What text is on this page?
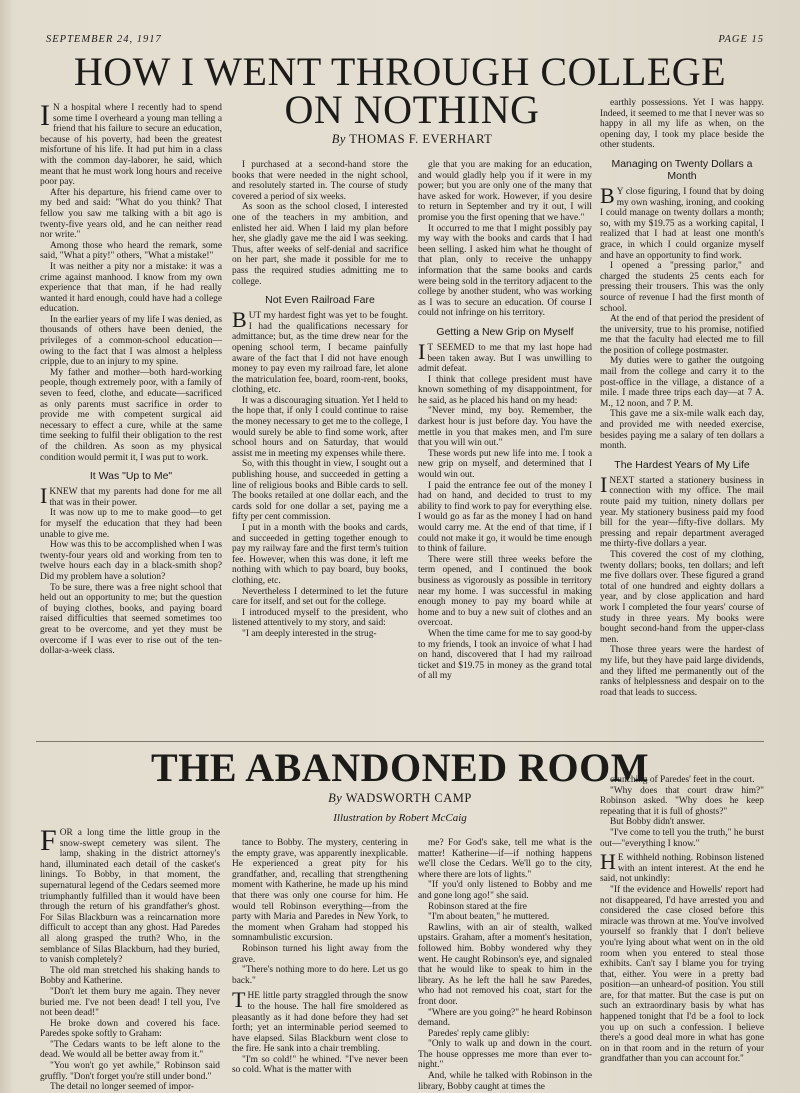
SEPTEMBER 24, 1917	PAGE 15
HOW I WENT THROUGH COLLEGE
ON NOTHING
By THOMAS F. EVERHART

I N a hospital where I recently had to spend some time I overheard a young man telling a friend that his failure to secure an education, because of his poverty, had been the greatest misfortune of his life. It had put him in a class with the common day-laborer, he said, which meant that he must work long hours and receive poor pay.

After his departure, his friend came over to my bed and said: "What do you think? That fellow you saw me talking with a bit ago is twenty-five years old, and he can neither read nor write."

Among those who heard the remark, some said, "What a pity!" others, "What a mistake!"

It was neither a pity nor a mistake: it was a crime against manhood. I know from my own experience that that man, if he had really wanted it hard enough, could have had a college education.

In the earlier years of my life I was denied, as thousands of others have been denied, the privileges of a common-school education—owing to the fact that I was almost a helpless cripple, due to an injury to my spine.

My father and mother—both hard-working people, though extremely poor, with a family of seven to feed, clothe, and educate—sacrificed as only parents must sacrifice in order to provide me with competent surgical aid necessary to effect a cure, while at the same time seeking to fulfil their obligation to the rest of the children. As soon as my physical condition would permit it, I was put to work.

It Was "Up to Me"

IKNEW that my parents had done for me all that was in their power.

It was now up to me to make good—to get for myself the education that they had been unable to give me.

How was this to be accomplished when I was twenty-four years old and working from ten to twelve hours each day in a black-smith shop? Did my problem have a solution?

To be sure, there was a free night school that held out an opportunity to me; but the question of buying clothes, books, and paying board raised difficulties that seemed sometimes too great to be overcome, and yet they must be overcome if I was ever to rise out of the ten-dollar-a-week class.

I purchased at a second-hand store the books that were needed in the night school, and resolutely started in. The course of study covered a period of six weeks.

As soon as the school closed, I interested one of the teachers in my ambition, and enlisted her aid. When I laid my plan before her, she gladly gave me the aid I was seeking. Thus, after weeks of self-denial and sacrifice on her part, she made it possible for me to pass the required studies admitting me to college.

Not Even Railroad Fare

BUT my hardest fight was yet to be fought. I had the qualifications necessary for admittance; but, as the time drew near for the opening school term, I became painfully aware of the fact that I did not have enough money to pay even my railroad fare, let alone the matriculation fee, board, room-rent, books, clothing, etc.

It was a discouraging situation. Yet I held to the hope that, if only I could continue to raise the money necessary to get me to the college, I would surely be able to find some work, after school hours and on Saturday, that would assist me in meeting my expenses while there.

So, with this thought in view, I sought out a publishing house, and succeeded in getting a line of religious books and Bible cards to sell. The books retailed at one dollar each, and the cards sold for one dollar a set, paying me a fifty per cent commission.

I put in a month with the books and cards, and succeeded in getting together enough to pay my railway fare and the first term's tuition fee. However, when this was done, it left me nothing with which to pay board, buy books, clothing, etc.

Nevertheless I determined to let the future care for itself, and set out for the college.

I introduced myself to the president, who listened attentively to my story, and said:

"I am deeply interested in the strug-

gle that you are making for an education, and would gladly help you if it were in my power; but you are only one of the many that have asked for work. However, if you desire to return in September and try it out, I will promise you the first opening that we have."

It occurred to me that I might possibly pay my way with the books and cards that I had been selling. I asked him what he thought of that plan, only to receive the unhappy information that the same books and cards were being sold in the territory adjacent to the college by another student, who was working as I was to secure an education. Of course I could not infringe on his territory.

Getting a New Grip on Myself

I T SEEMED to me that my last hope had been taken away. But I was unwilling to admit defeat.

I think that college president must have known something of my disappointment, for he said, as he placed his hand on my head:

"Never mind, my boy. Remember, the darkest hour is just before day. You have the mettle in you that makes men, and I'm sure that you will win out."

These words put new life into me. I took a new grip on myself, and determined that I would win out.

I paid the entrance fee out of the money I had on hand, and decided to trust to my ability to find work to pay for everything else. I would go as far as the money I had on hand would carry me. At the end of that time, if I could not make it go, it would be time enough to think of failure.

There were still three weeks before the term opened, and I continued the book business as vigorously as possible in territory near my home. I was successful in making enough money to pay my board while at home and to buy a new suit of clothes and an overcoat.

When the time came for me to say good-by to my friends, I took an invoice of what I had on hand, discovered that I had my railroad ticket and $19.75 in money as the grand total of all my

earthly possessions. Yet I was happy. Indeed, it seemed to me that I never was so happy in all my life as when, on the opening day, I took my place beside the other students.

Managing on Twenty Dollars a Month

B Y close figuring, I found that by doing my own washing, ironing, and cooking I could manage on twenty dollars a month; so, with my $19.75 as a working capital, I realized that I had at least one month's grace, in which I could organize myself and have an opportunity to find work.

I opened a "pressing parlor," and charged the students 25 cents each for pressing their trousers. This was the only source of revenue I had the first month of school.

At the end of that period the president of the university, true to his promise, notified me that the faculty had elected me to fill the position of college postmaster.

My duties were to gather the outgoing mail from the college and carry it to the post-office in the village, a distance of a mile. I made three trips each day—at 7 A. M., 12 noon, and 7 P. M.

This gave me a six-mile walk each day, and provided me with needed exercise, besides paying me a salary of ten dollars a month.

The Hardest Years of My Life

INEXT started a stationery business in connection with my office. The mail route paid my tuition, ninety dollars per year. My stationery business paid my food bill for the year—fifty-five dollars. My pressing and repair department averaged me thirty-five dollars a year.

This covered the cost of my clothing, twenty dollars; books, ten dollars; and left me five dollars over. These figured a grand total of one hundred and eighty dollars a year, and by close application and hard work I completed the four years' course of study in three years. My books were bought second-hand from the upper-class men.

Those three years were the hardest of my life, but they have paid large dividends, and they lifted me permanently out of the ranks of helplessness and despair on to the road that leads to success.

THE ABANDONED ROOM
By WADSWORTH CAMP
Illustration by Robert McCaig

FOR a long time the little group in the snow-swept cemetery was silent. The lamp, shaking in the district attorney's hand, illuminated each detail of the casket's linings. To Bobby, in that moment, the supernatural legend of the Cedars seemed more triumphantly fulfilled than it would have been through the return of his grandfather's ghost. For Silas Blackburn was a reincarnation more difficult to accept than any ghost. Had Paredes all along grasped the truth? Who, in the semblance of Silas Blackburn, had they buried, to vanish completely?

The old man stretched his shaking hands to Bobby and Katherine.

"Don't let them bury me again. They never buried me. I've not been dead! I tell you, I've not been dead!"

He broke down and covered his face. Paredes spoke softly to Graham:

"The Cedars wants to be left alone to the dead. We would all be better away from it."

"You won't go yet awhile," Robinson said gruffly. "Don't forget you're still under bond."

The detail no longer seemed of impor-

tance to Bobby. The mystery, centering in the empty grave, was apparently inexplicable. He experienced a great pity for his grandfather, and, recalling that strengthening moment with Katherine, he made up his mind that there was only one course for him. He would tell Robinson everything—from the party with Maria and Paredes in New York, to the moment when Graham had stopped his somnambulistic excursion.

Robinson turned his light away from the grave.

"There's nothing more to do here. Let us go back."

THE little party straggled through the snow to the house. The hall fire smoldered as pleasantly as it had done before they had set forth; yet an interminable period seemed to have elapsed. Silas Blackburn went close to the fire. He sank into a chair trembling.

"I'm so cold!" he whined. "I've never been so cold. What is the matter with

me? For God's sake, tell me what is the matter! Katherine—if—if nothing happens we'll close the Cedars. We'll go to the city, where there are lots of lights."

"If you'd only listened to Bobby and me and gone long ago!" she said.

Robinson stared at the fire

"I'm about beaten," he muttered.

Rawlins, with an air of stealth, walked upstairs. Graham, after a moment's hesitation, followed him. Bobby wondered why they went. He caught Robinson's eye, and signaled that he would like to speak to him in the library. As he left the hall he saw Paredes, who had not removed his coat, start for the front door.

"Where are you going?" he heard Robinson demand.

Paredes' reply came glibly:

"Only to walk up and down in the court. The house oppresses me more than ever to-night."

And, while he talked with Robinson in the library, Bobby caught at times the

crunching of Paredes' feet in the court.

"Why does that court draw him?" Robinson asked. "Why does he keep repeating that it is full of ghosts?"

But Bobby didn't answer.

"I've come to tell you the truth," he burst out—"everything I know."

H E withheld nothing. Robinson listened with an intent interest. At the end he said, not unkindly:

"If the evidence and Howells' report had not disappeared, I'd have arrested you and considered the case closed before this miracle was thrown at me. You've involved yourself so frankly that I don't believe you're lying about what went on in the old room when you entered to steal those exhibits. Can't say I blame you for trying that, either. You were in a pretty bad position—an unheard-of position. You still are, for that matter. But the case is put on such an extraordinary basis by what has happened tonight that I'd be a fool to lock you up on such a confession. I believe there's a good deal more in what has gone on in that room and in the return of your grandfather than you can account for."
